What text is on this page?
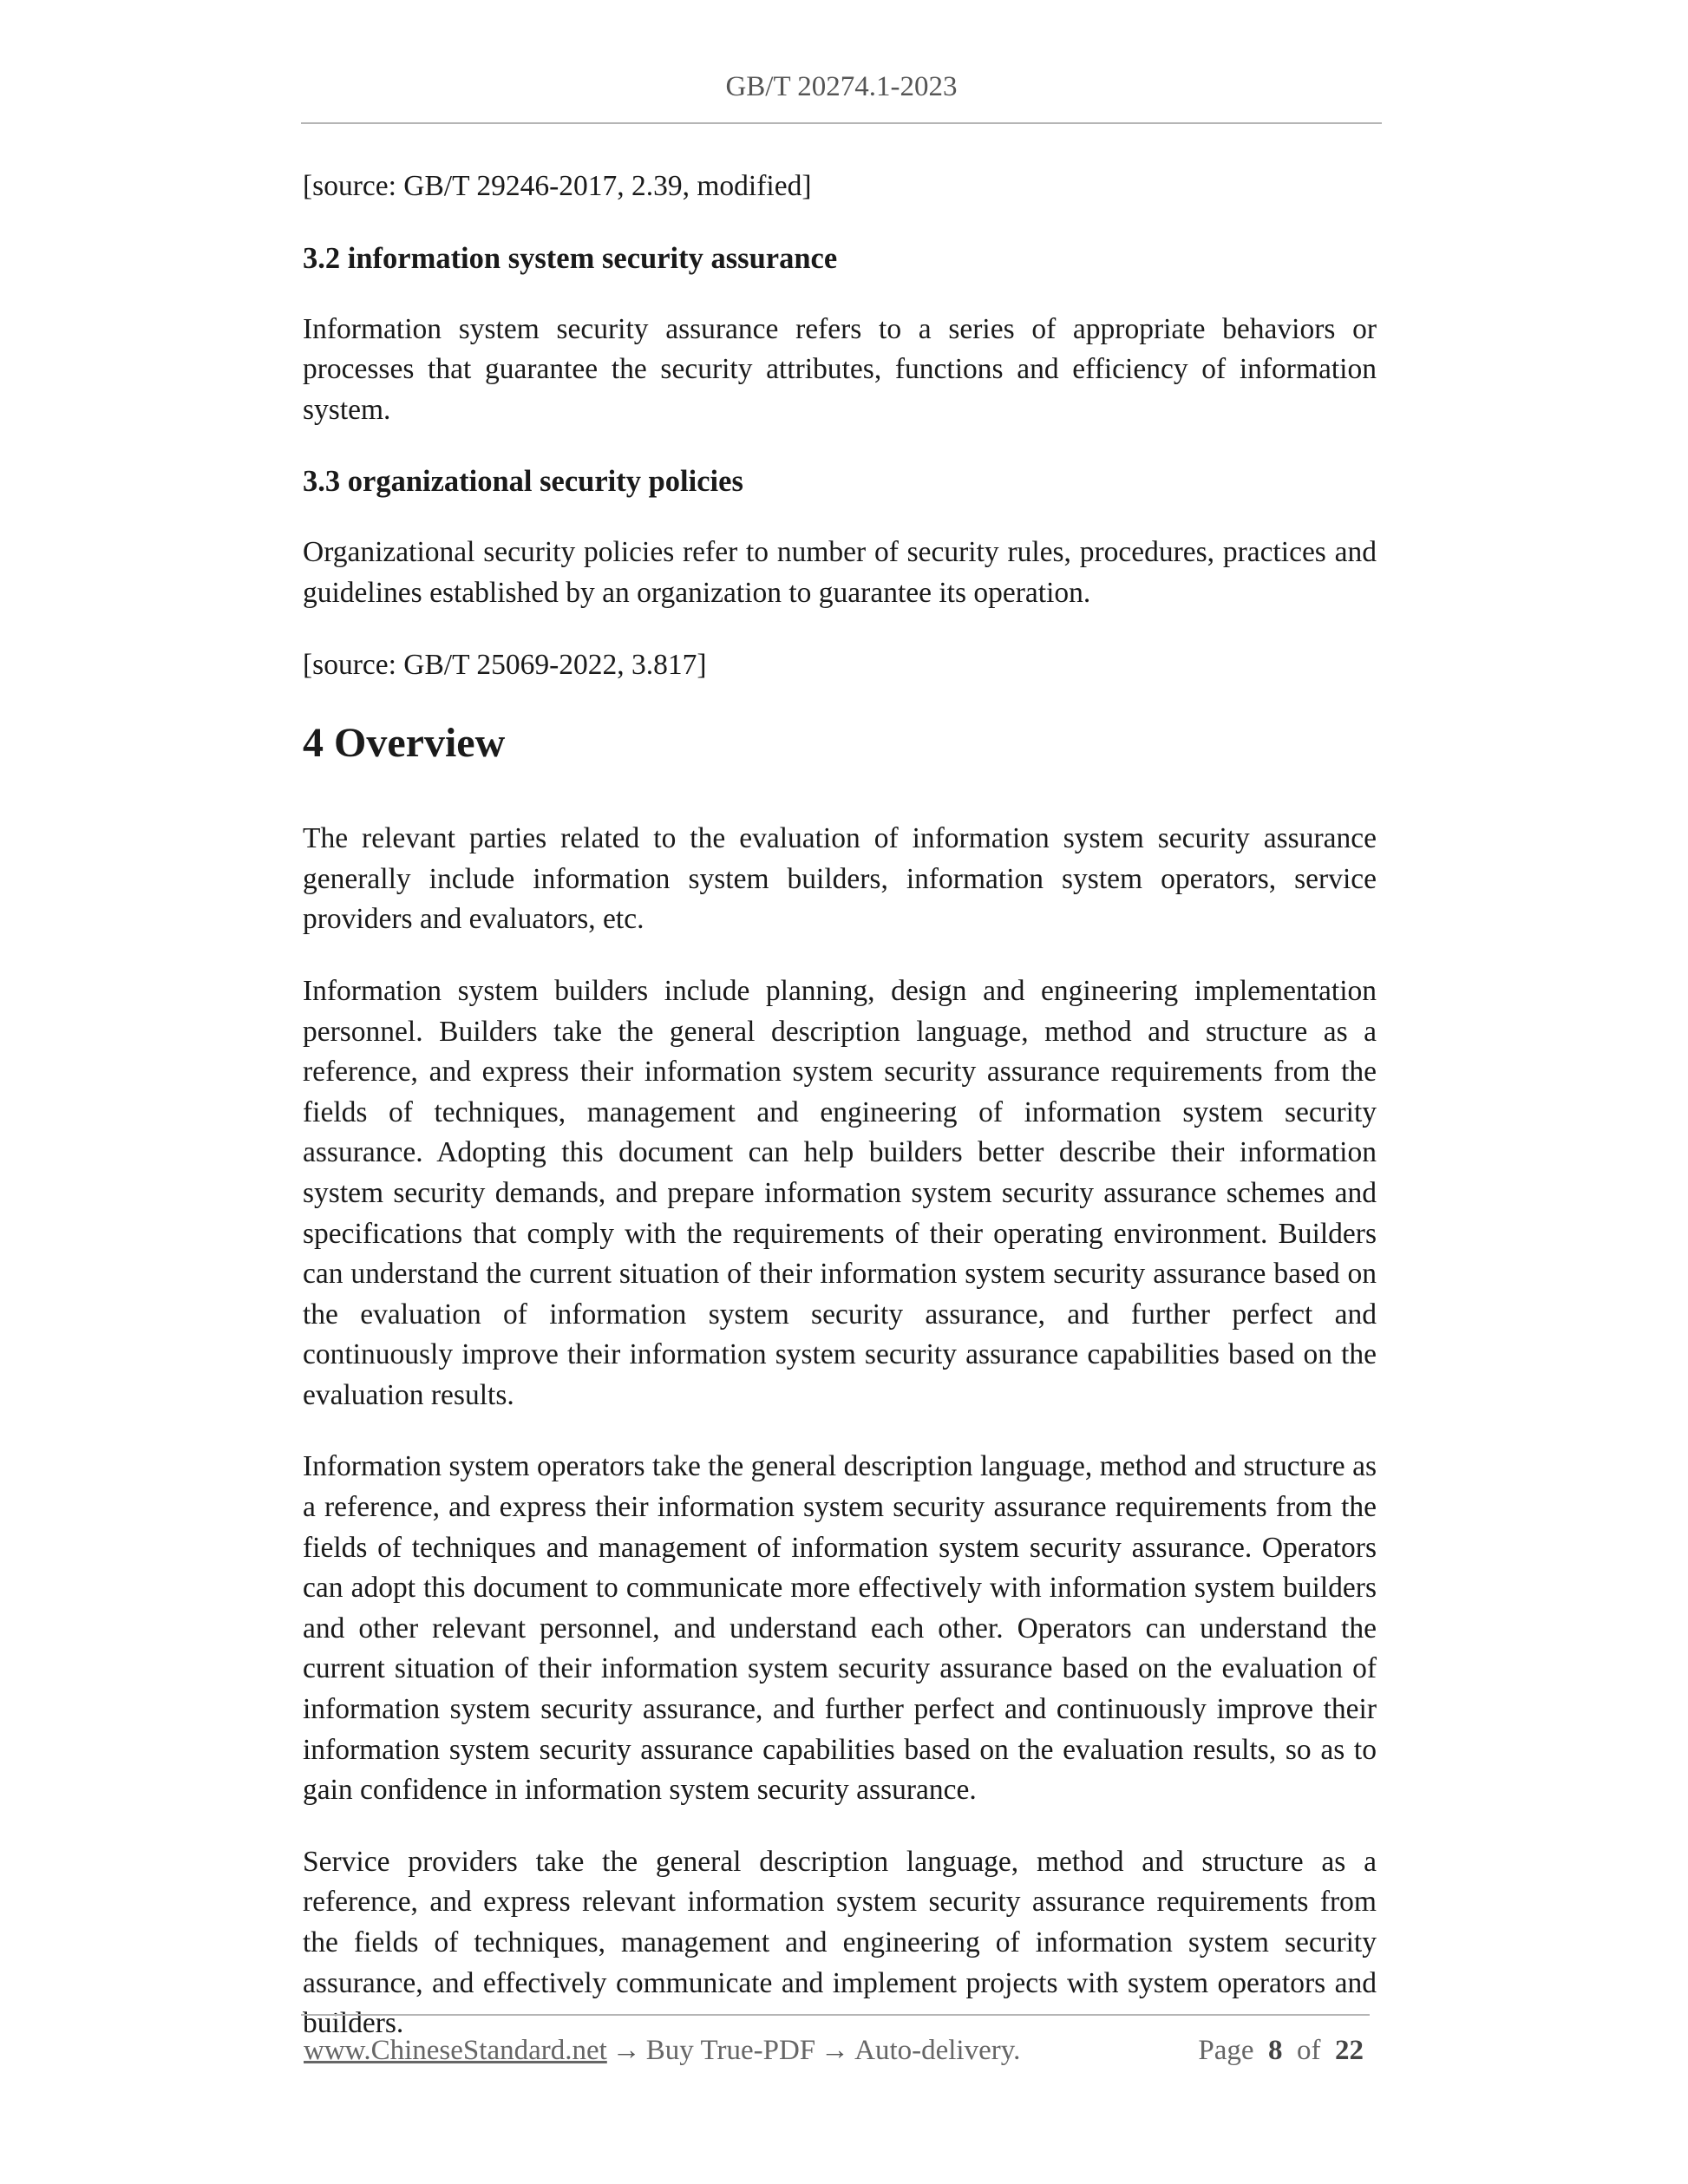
GB/T 20274.1-2023

[source: GB/T 29246-2017, 2.39, modified]

3.2 information system security assurance

Information system security assurance refers to a series of appropriate behaviors or processes that guarantee the security attributes, functions and efficiency of information system.

3.3 organizational security policies

Organizational security policies refer to number of security rules, procedures, practices and guidelines established by an organization to guarantee its operation.

[source: GB/T 25069-2022, 3.817]

4 Overview

The relevant parties related to the evaluation of information system security assurance generally include information system builders, information system operators, service providers and evaluators, etc.

Information system builders include planning, design and engineering implementation personnel. Builders take the general description language, method and structure as a reference, and express their information system security assurance requirements from the fields of techniques, management and engineering of information system security assurance. Adopting this document can help builders better describe their information system security demands, and prepare information system security assurance schemes and specifications that comply with the requirements of their operating environment. Builders can understand the current situation of their information system security assurance based on the evaluation of information system security assurance, and further perfect and continuously improve their information system security assurance capabilities based on the evaluation results.

Information system operators take the general description language, method and structure as a reference, and express their information system security assurance requirements from the fields of techniques and management of information system security assurance. Operators can adopt this document to communicate more effectively with information system builders and other relevant personnel, and understand each other. Operators can understand the current situation of their information system security assurance based on the evaluation of information system security assurance, and further perfect and continuously improve their information system security assurance capabilities based on the evaluation results, so as to gain confidence in information system security assurance.

Service providers take the general description language, method and structure as a reference, and express relevant information system security assurance requirements from the fields of techniques, management and engineering of information system security assurance, and effectively communicate and implement projects with system operators and builders.

www.ChineseStandard.net → Buy True-PDF → Auto-delivery.	Page 8 of 22
